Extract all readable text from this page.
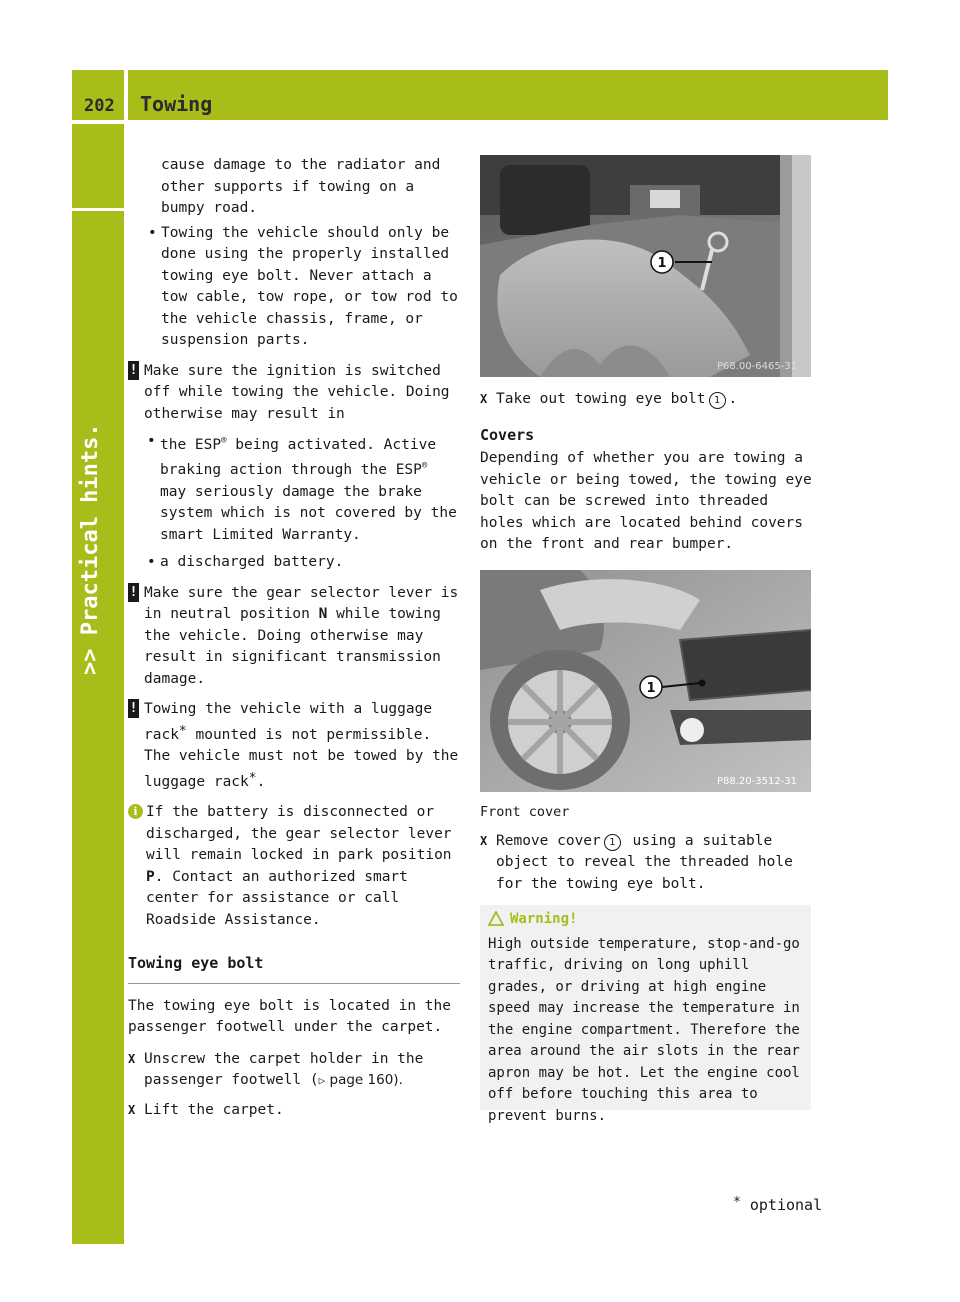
202 Towing
>> Practical hints.

cause damage to the radiator and other supports if towing on a bumpy road.

• Towing the vehicle should only be done using the properly installed towing eye bolt. Never attach a tow cable, tow rope, or tow rod to the vehicle chassis, frame, or suspension parts.

! Make sure the ignition is switched off while towing the vehicle. Doing otherwise may result in
• the ESP® being activated. Active braking action through the ESP® may seriously damage the brake system which is not covered by the smart Limited Warranty.
• a discharged battery.
! Make sure the gear selector lever is in neutral position N while towing the vehicle. Doing otherwise may result in significant transmission damage.
! Towing the vehicle with a luggage rack* mounted is not permissible. The vehicle must not be towed by the luggage rack*.
i If the battery is disconnected or discharged, the gear selector lever will remain locked in park position P. Contact an authorized smart center for assistance or call Roadside Assistance.
Towing eye bolt

The towing eye bolt is located in the passenger footwell under the carpet.

X Unscrew the carpet holder in the passenger footwell (▷ page 160).
X Lift the carpet.
1
P68.00-6465-31
X Take out towing eye bolt 1 .
Covers

Depending of whether you are towing a vehicle or being towed, the towing eye bolt can be screwed into threaded holes which are located behind covers on the front and rear bumper.

1
P88.20-3512-31

Front cover

X Remove cover 1 using a suitable object to reveal the threaded hole for the towing eye bolt.
Warning!

High outside temperature, stop-and-go traffic, driving on long uphill grades, or driving at high engine speed may increase the temperature in the engine compartment. Therefore the area around the air slots in the rear apron may be hot. Let the engine cool off before touching this area to prevent burns.

* optional
